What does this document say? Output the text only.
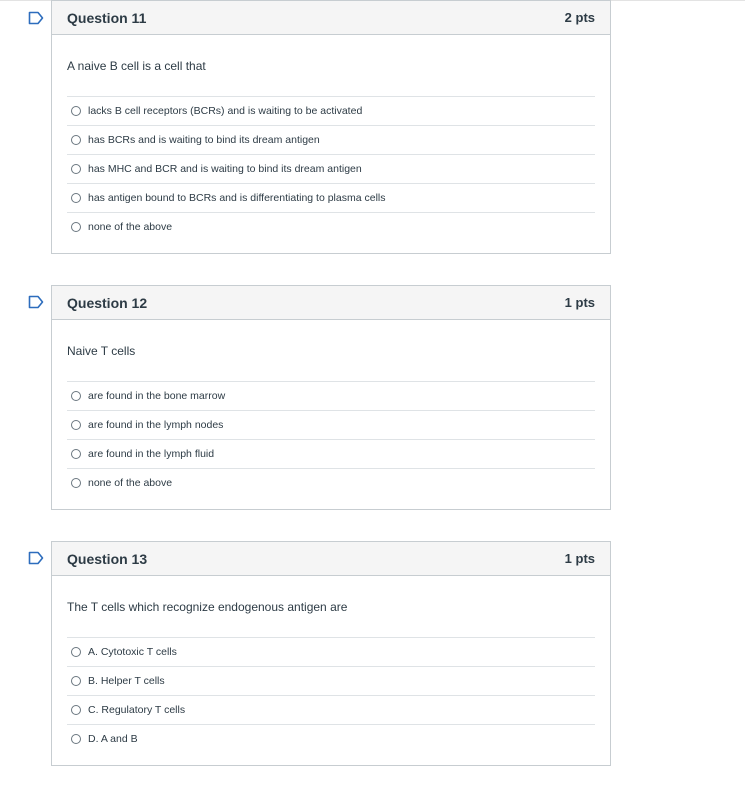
Question 11	2 pts

A naive B cell is a cell that

lacks B cell receptors (BCRs) and is waiting to be activated
has BCRs and is waiting to bind its dream antigen
has MHC and BCR and is waiting to bind its dream antigen
has antigen bound to BCRs and is differentiating to plasma cells
none of the above
Question 12	1 pts

Naive T cells

are found in the bone marrow
are found in the lymph nodes
are found in the lymph fluid
none of the above
Question 13	1 pts

The T cells which recognize endogenous antigen are

A. Cytotoxic T cells
B. Helper T cells
C. Regulatory T cells
D. A and B
